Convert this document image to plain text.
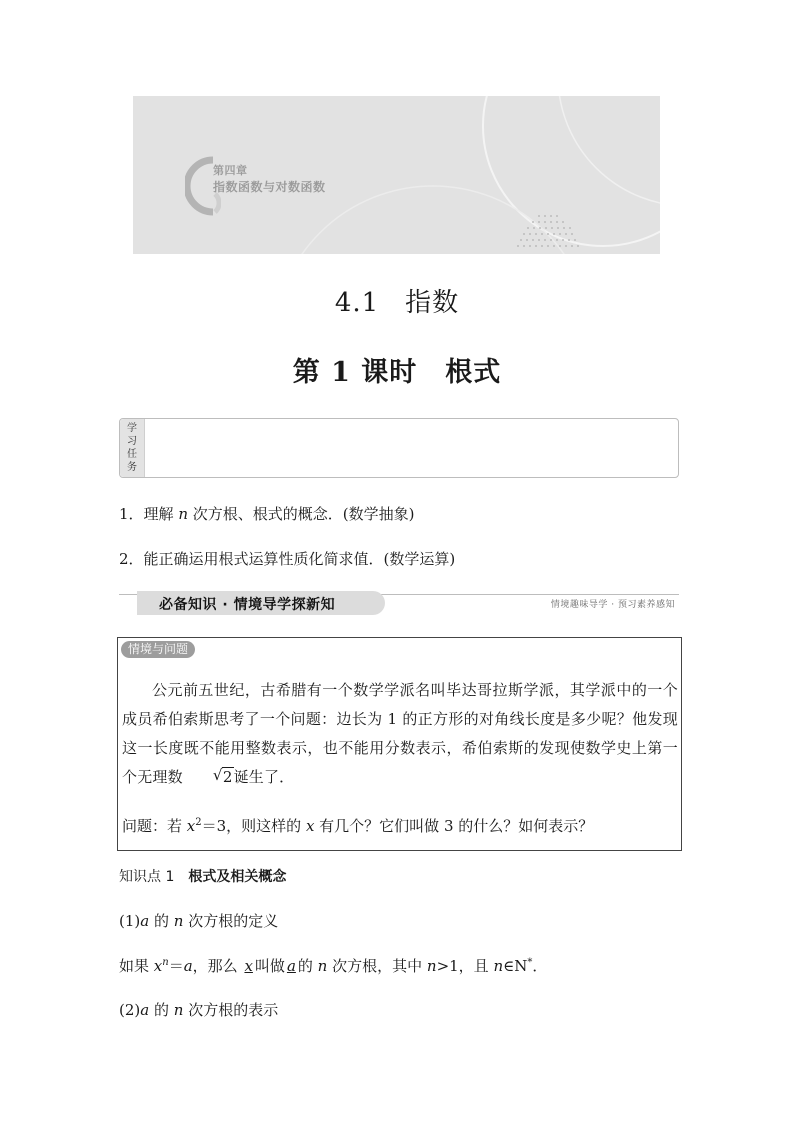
第四章
指数函数与对数函数
4.1 指数
第 1 课时 根式
学
习
任
务
1．理解 n 次方根、根式的概念．(数学抽象)
2．能正确运用根式运算性质化简求值．(数学运算)
必备知识 · 情境导学探新知	情境趣味导学 · 预习素养感知
情境与问题
公元前五世纪，古希腊有一个数学学派名叫毕达哥拉斯学派，其学派中的一个成员希伯索斯思考了一个问题：边长为 1 的正方形的对角线长度是多少呢？他发现这一长度既不能用整数表示，也不能用分数表示，希伯索斯的发现使数学史上第一个无理数	√ 2诞生了．
问题：若 $x^2=3$，则这样的 x 有几个？它们叫做 3 的什么？如何表示？
知识点 1 根式及相关概念
(1)a 的 n 次方根的定义
如果 $x^n=a$，那么 x 叫做 a 的 n 次方根，其中 n>1，且 n∈N*．
(2)a 的 n 次方根的表示
